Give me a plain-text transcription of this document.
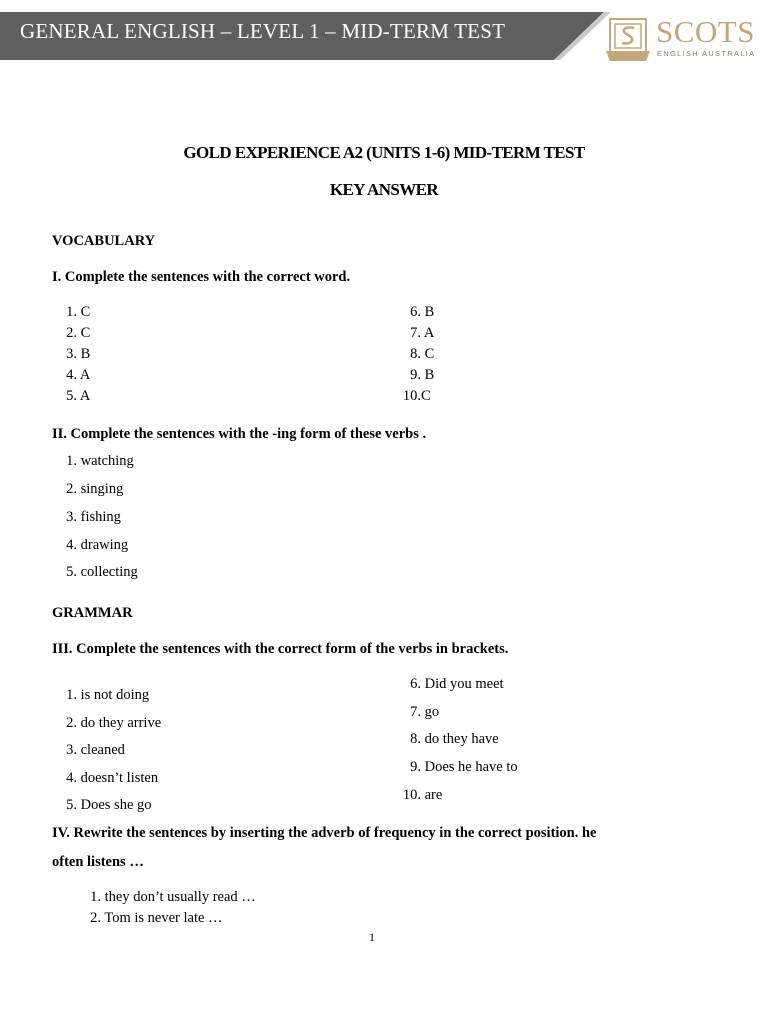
GENERAL ENGLISH – LEVEL 1 – MID-TERM TEST	SCOTS
ENGLISH AUSTRALIA
GOLD EXPERIENCE A2 (UNITS 1-6) MID-TERM TEST
KEY ANSWER
VOCABULARY
I. Complete the sentences with the correct word.
1. C
2. C
3. B
4. A
5. A
6. B
7. A
8. C
9. B
10.C
II. Complete the sentences with the -ing form of these verbs .
1. watching
2. singing
3. fishing
4. drawing
5. collecting
GRAMMAR
III. Complete the sentences with the correct form of the verbs in brackets.
1. is not doing
2. do they arrive
3. cleaned
4. doesn’t listen
5. Does she go
6. Did you meet
7. go
8. do they have
9. Does he have to
10. are
IV. Rewrite the sentences by inserting the adverb of frequency in the correct position. he
often listens …
1. they don’t usually read …
2. Tom is never late …
1
